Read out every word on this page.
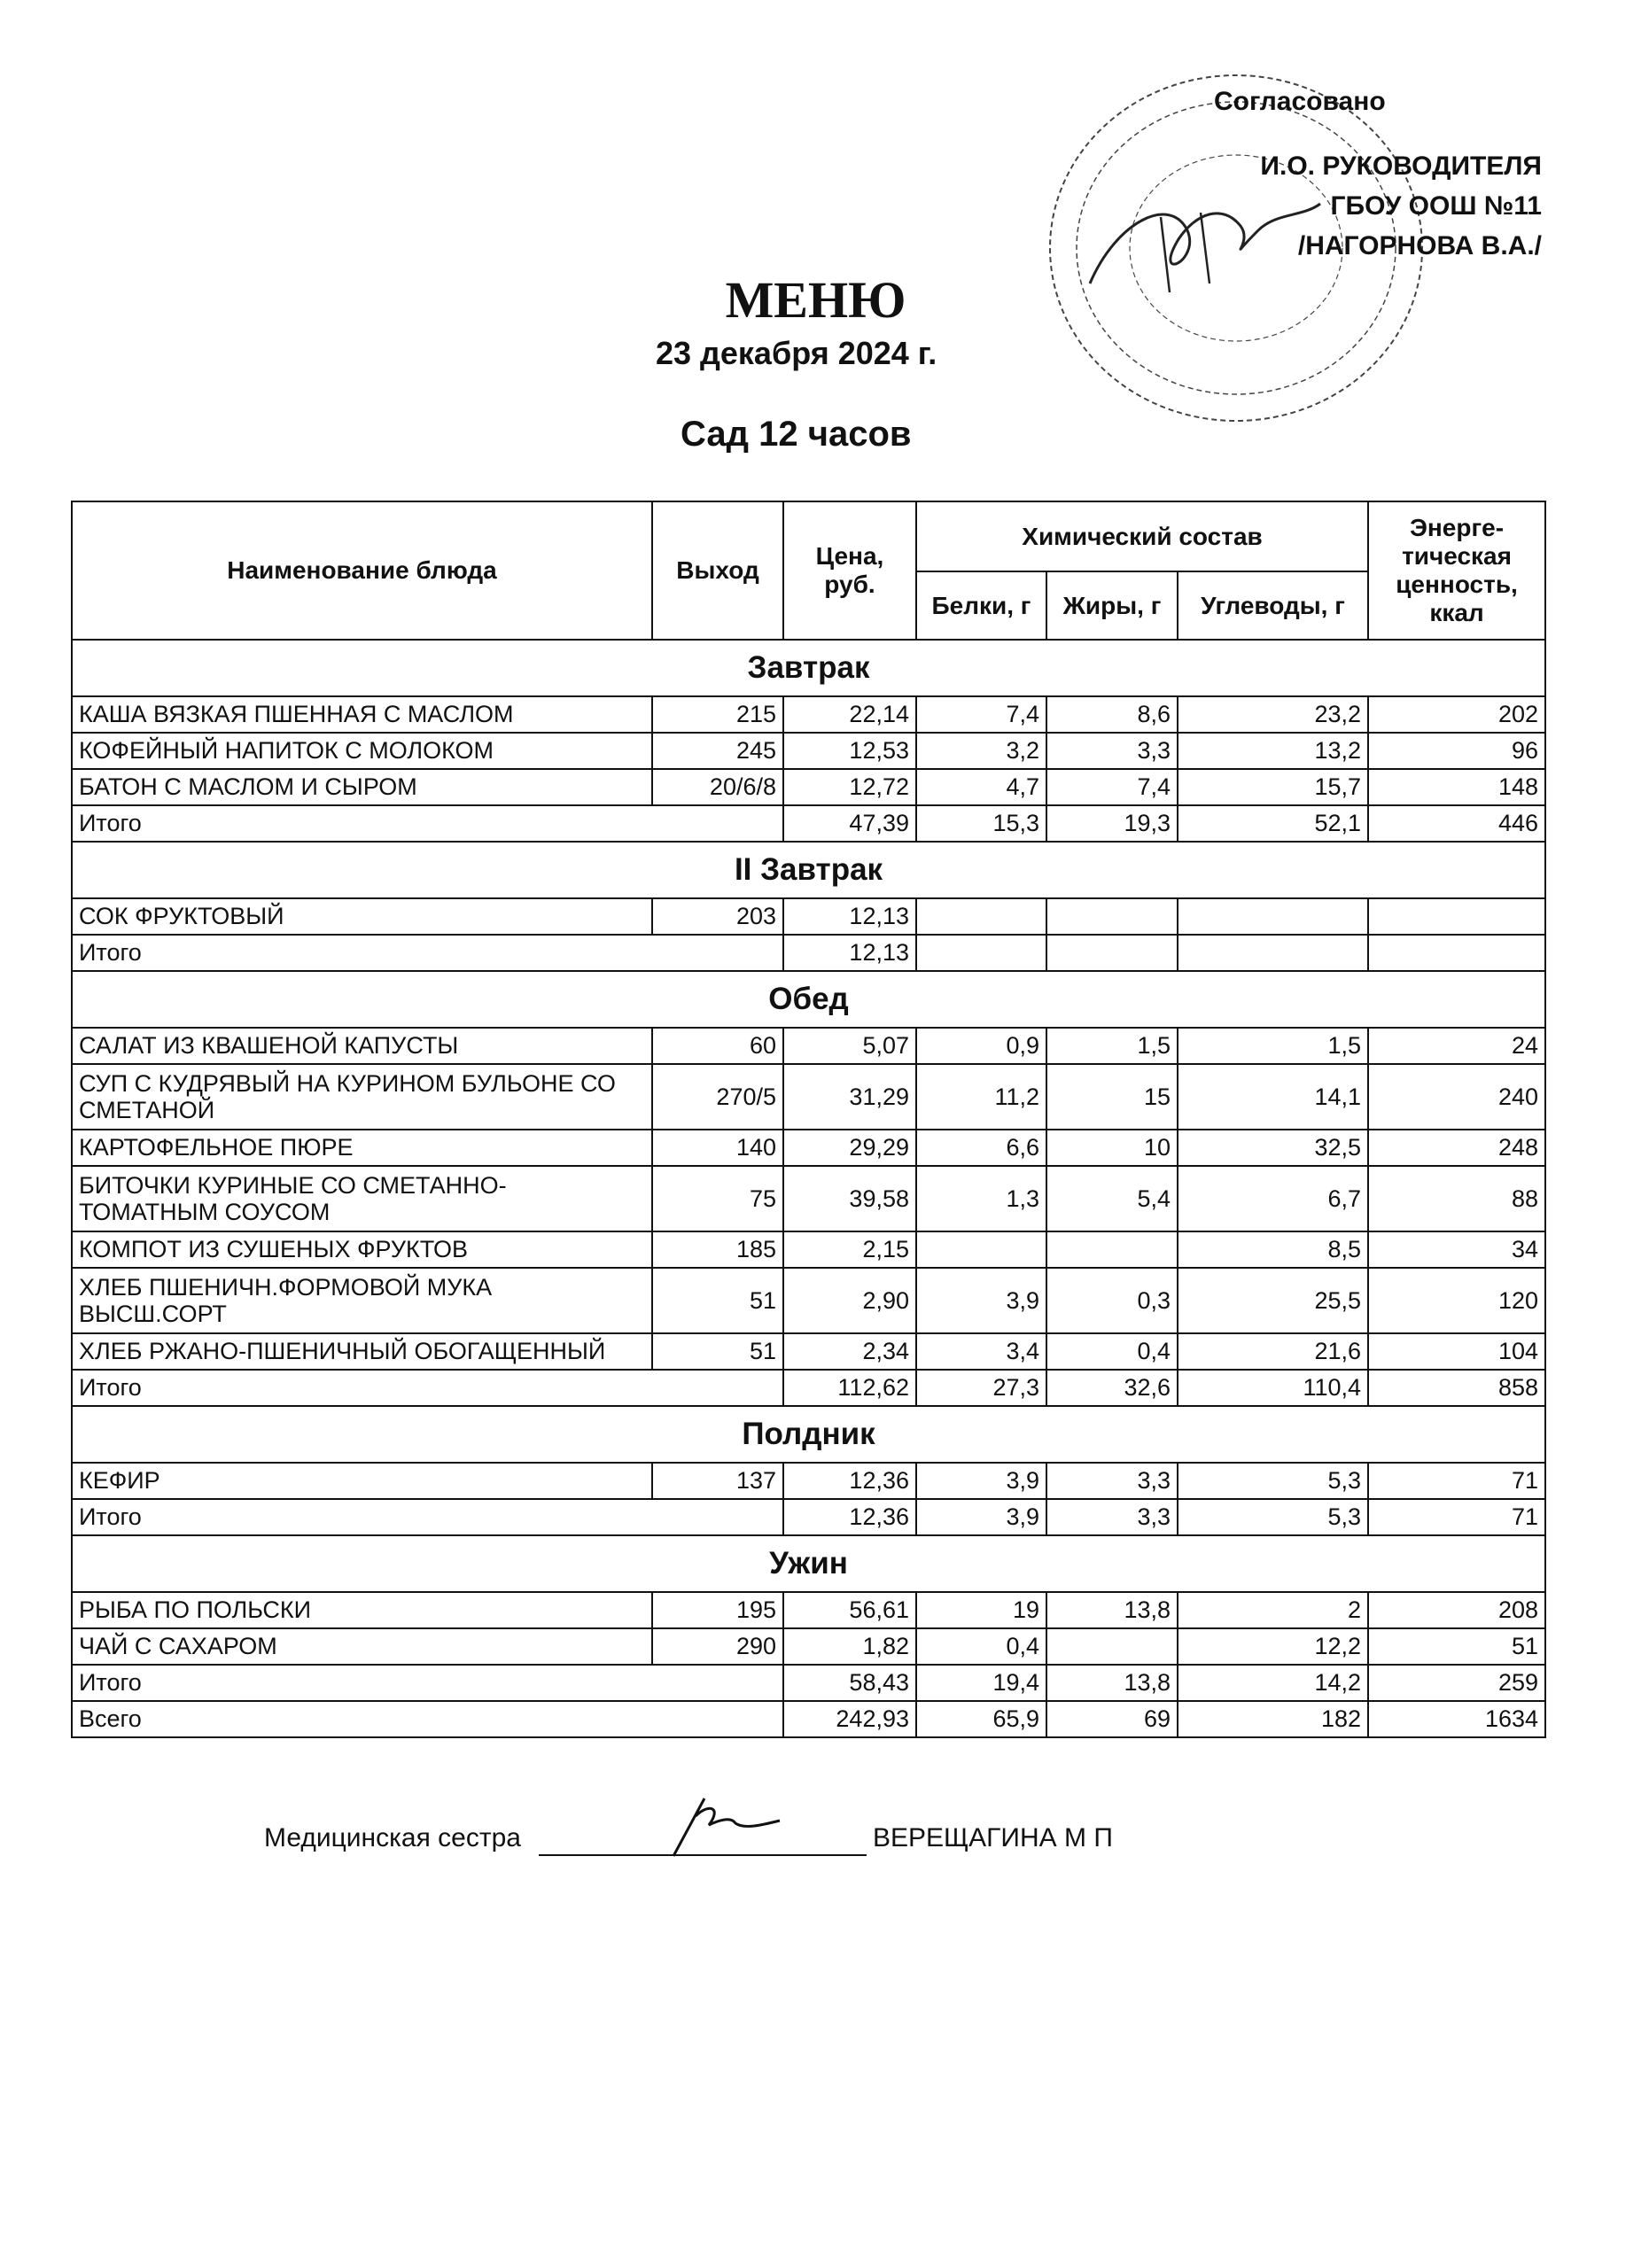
Согласовано
И.О. РУКОВОДИТЕЛЯ
ГБОУ ООШ №11
/НАГОРНОВА В.А./
МЕНЮ
23 декабря 2024 г.
Сад 12 часов
Наименование блюда	Выход	Цена, руб.	Химический состав			Энерге-тическая ценность, ккал
			Белки, г	Жиры, г	Углеводы, г	
Завтрак						
КАША ВЯЗКАЯ ПШЕННАЯ С МАСЛОМ	215	22,14	7,4	8,6	23,2	202
КОФЕЙНЫЙ НАПИТОК С МОЛОКОМ	245	12,53	3,2	3,3	13,2	96
БАТОН С МАСЛОМ И СЫРОМ	20/6/8	12,72	4,7	7,4	15,7	148
Итого		47,39	15,3	19,3	52,1	446
II Завтрак						
СОК ФРУКТОВЫЙ	203	12,13				
Итого		12,13				
Обед						
САЛАТ ИЗ КВАШЕНОЙ КАПУСТЫ	60	5,07	0,9	1,5	1,5	24
СУП С КУДРЯВЫЙ НА КУРИНОМ БУЛЬОНЕ СО СМЕТАНОЙ	270/5	31,29	11,2	15	14,1	240
КАРТОФЕЛЬНОЕ ПЮРЕ	140	29,29	6,6	10	32,5	248
БИТОЧКИ КУРИНЫЕ СО СМЕТАННО-ТОМАТНЫМ СОУСОМ	75	39,58	1,3	5,4	6,7	88
КОМПОТ ИЗ СУШЕНЫХ ФРУКТОВ	185	2,15			8,5	34
ХЛЕБ ПШЕНИЧН.ФОРМОВОЙ МУКА ВЫСШ.СОРТ	51	2,90	3,9	0,3	25,5	120
ХЛЕБ РЖАНО-ПШЕНИЧНЫЙ ОБОГАЩЕННЫЙ	51	2,34	3,4	0,4	21,6	104
Итого		112,62	27,3	32,6	110,4	858
Полдник						
КЕФИР	137	12,36	3,9	3,3	5,3	71
Итого		12,36	3,9	3,3	5,3	71
Ужин						
РЫБА ПО ПОЛЬСКИ	195	56,61	19	13,8	2	208
ЧАЙ С САХАРОМ	290	1,82	0,4		12,2	51
Итого		58,43	19,4	13,8	14,2	259
Всего		242,93	65,9	69	182	1634
Медицинская сестра	ВЕРЕЩАГИНА М П
